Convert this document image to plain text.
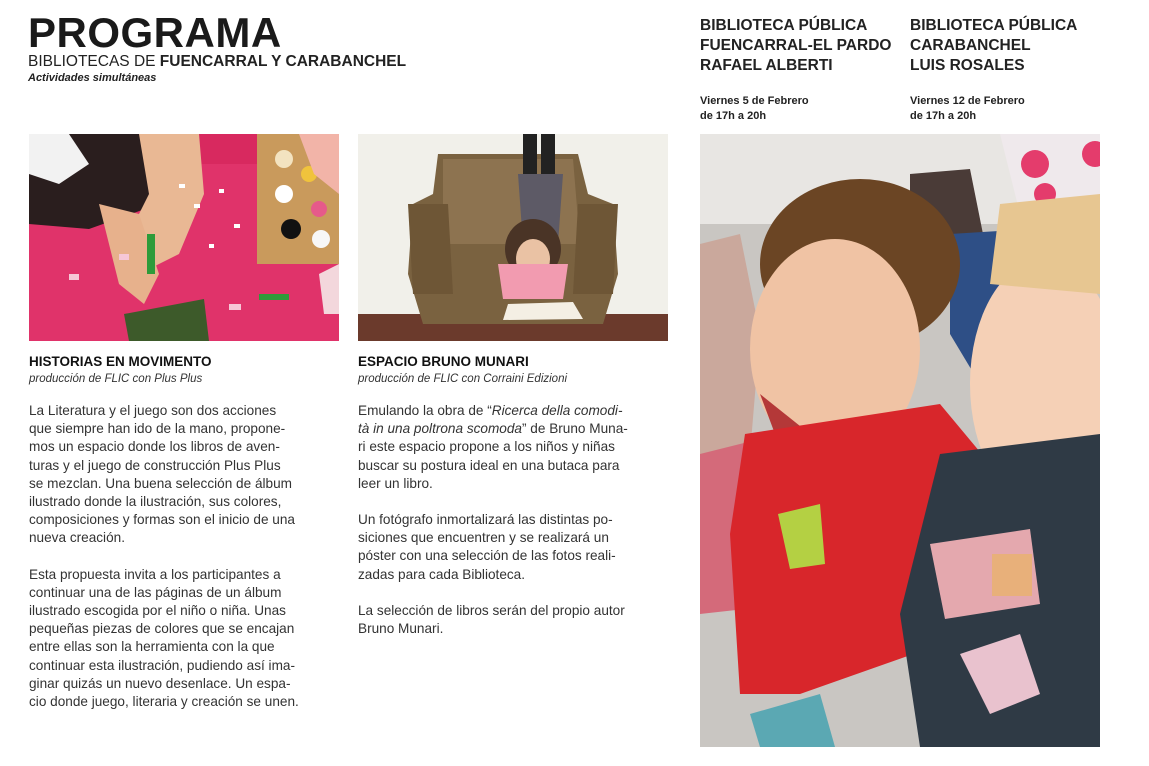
PROGRAMA
BIBLIOTECAS DE FUENCARRAL Y CARABANCHEL
Actividades simultáneas
BIBLIOTECA PÚBLICA
FUENCARRAL-EL PARDO
RAFAEL ALBERTI
Viernes 5 de Febrero
de 17h a 20h
BIBLIOTECA PÚBLICA
CARABANCHEL
LUIS ROSALES
Viernes 12 de Febrero
de 17h a 20h
HISTORIAS EN MOVIMENTO
producción de FLIC con Plus Plus

La Literatura y el juego son dos acciones
que siempre han ido de la mano, propone-
mos un espacio donde los libros de aven-
turas y el juego de construcción Plus Plus
se mezclan. Una buena selección de álbum
ilustrado donde la ilustración, sus colores,
composiciones y formas son el inicio de una
nueva creación.

Esta propuesta invita a los participantes a
continuar una de las páginas de un álbum
ilustrado escogida por el niño o niña. Unas
pequeñas piezas de colores que se encajan
entre ellas son la herramienta con la que
continuar esta ilustración, pudiendo así ima-
ginar quizás un nuevo desenlace. Un espa-
cio donde juego, literaria y creación se unen.

ESPACIO BRUNO MUNARI
producción de FLIC con Corraini Edizioni

Emulando la obra de “Ricerca della comodi-
tà in una poltrona scomoda” de Bruno Muna-
ri este espacio propone a los niños y niñas
buscar su postura ideal en una butaca para
leer un libro.

Un fotógrafo inmortalizará las distintas po-
siciones que encuentren y se realizará un
póster con una selección de las fotos reali-
zadas para cada Biblioteca.

La selección de libros serán del propio autor
Bruno Munari.
